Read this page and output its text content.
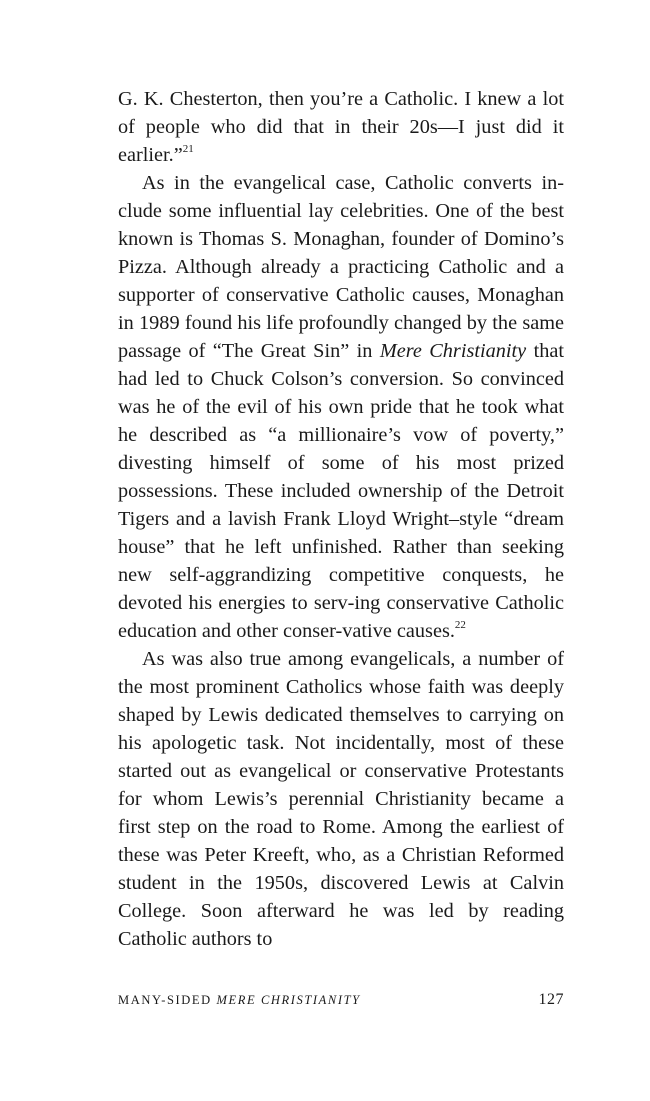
G. K. Chesterton, then you’re a Catholic. I knew a lot of people who did that in their 20s—I just did it earlier.”$^{21}$

As in the evangelical case, Catholic converts in-clude some influential lay celebrities. One of the best known is Thomas S. Monaghan, founder of Domino’s Pizza. Although already a practicing Catholic and a supporter of conservative Catholic causes, Monaghan in 1989 found his life profoundly changed by the same passage of “The Great Sin” in Mere Christianity that had led to Chuck Colson’s conversion. So convinced was he of the evil of his own pride that he took what he described as “a millionaire’s vow of poverty,” divesting himself of some of his most prized possessions. These included ownership of the Detroit Tigers and a lavish Frank Lloyd Wright–style “dream house” that he left unfinished. Rather than seeking new self-aggrandizing competitive conquests, he devoted his energies to serv-ing conservative Catholic education and other conser-vative causes.$^{22}$

As was also true among evangelicals, a number of the most prominent Catholics whose faith was deeply shaped by Lewis dedicated themselves to carrying on his apologetic task. Not incidentally, most of these started out as evangelical or conservative Protestants for whom Lewis’s perennial Christianity became a first step on the road to Rome. Among the earliest of these was Peter Kreeft, who, as a Christian Reformed student in the 1950s, discovered Lewis at Calvin College. Soon afterward he was led by reading Catholic authors to

MANY-SIDED MERE CHRISTIANITY	127
